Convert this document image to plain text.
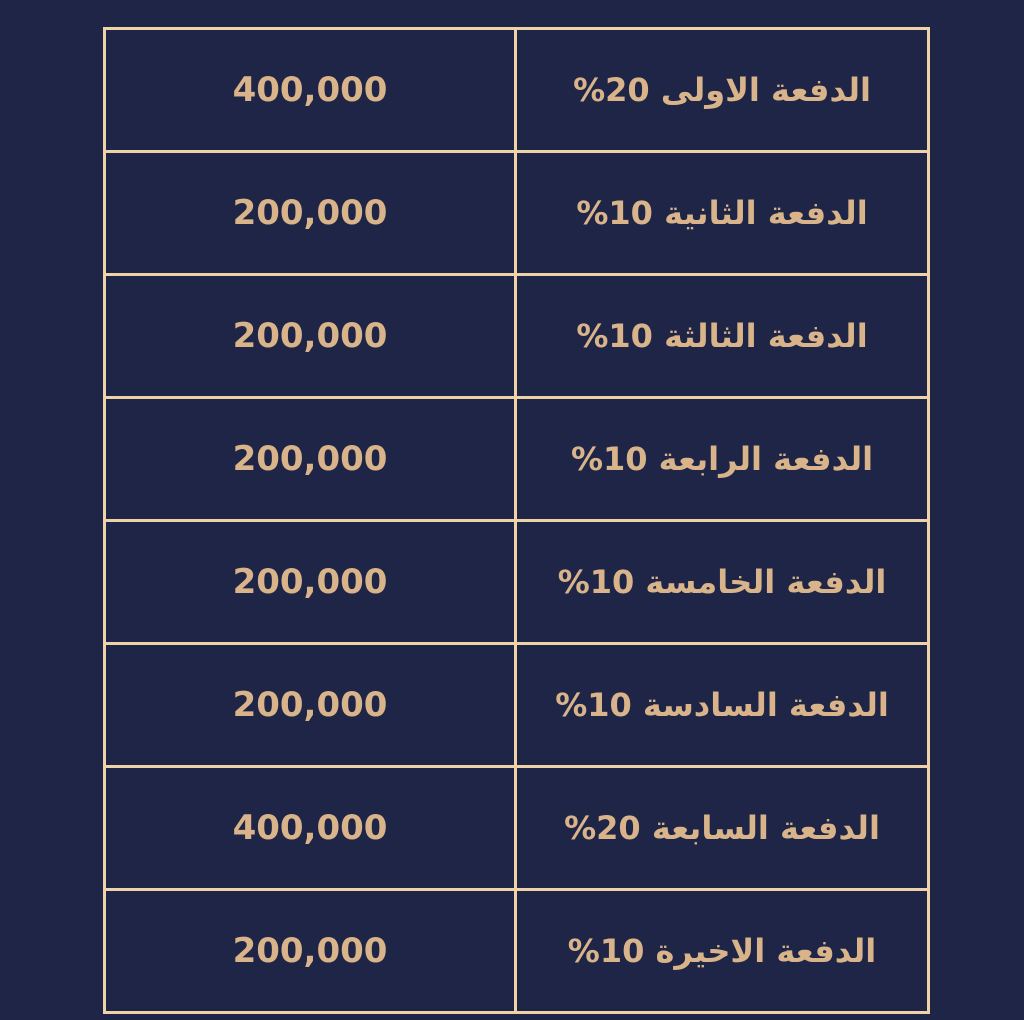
400,000	الدفعة الاولى 20%
200,000	الدفعة الثانية 10%
200,000	الدفعة الثالثة 10%
200,000	الدفعة الرابعة 10%
200,000	الدفعة الخامسة 10%
200,000	الدفعة السادسة 10%
400,000	الدفعة السابعة 20%
200,000	الدفعة الاخيرة 10%
